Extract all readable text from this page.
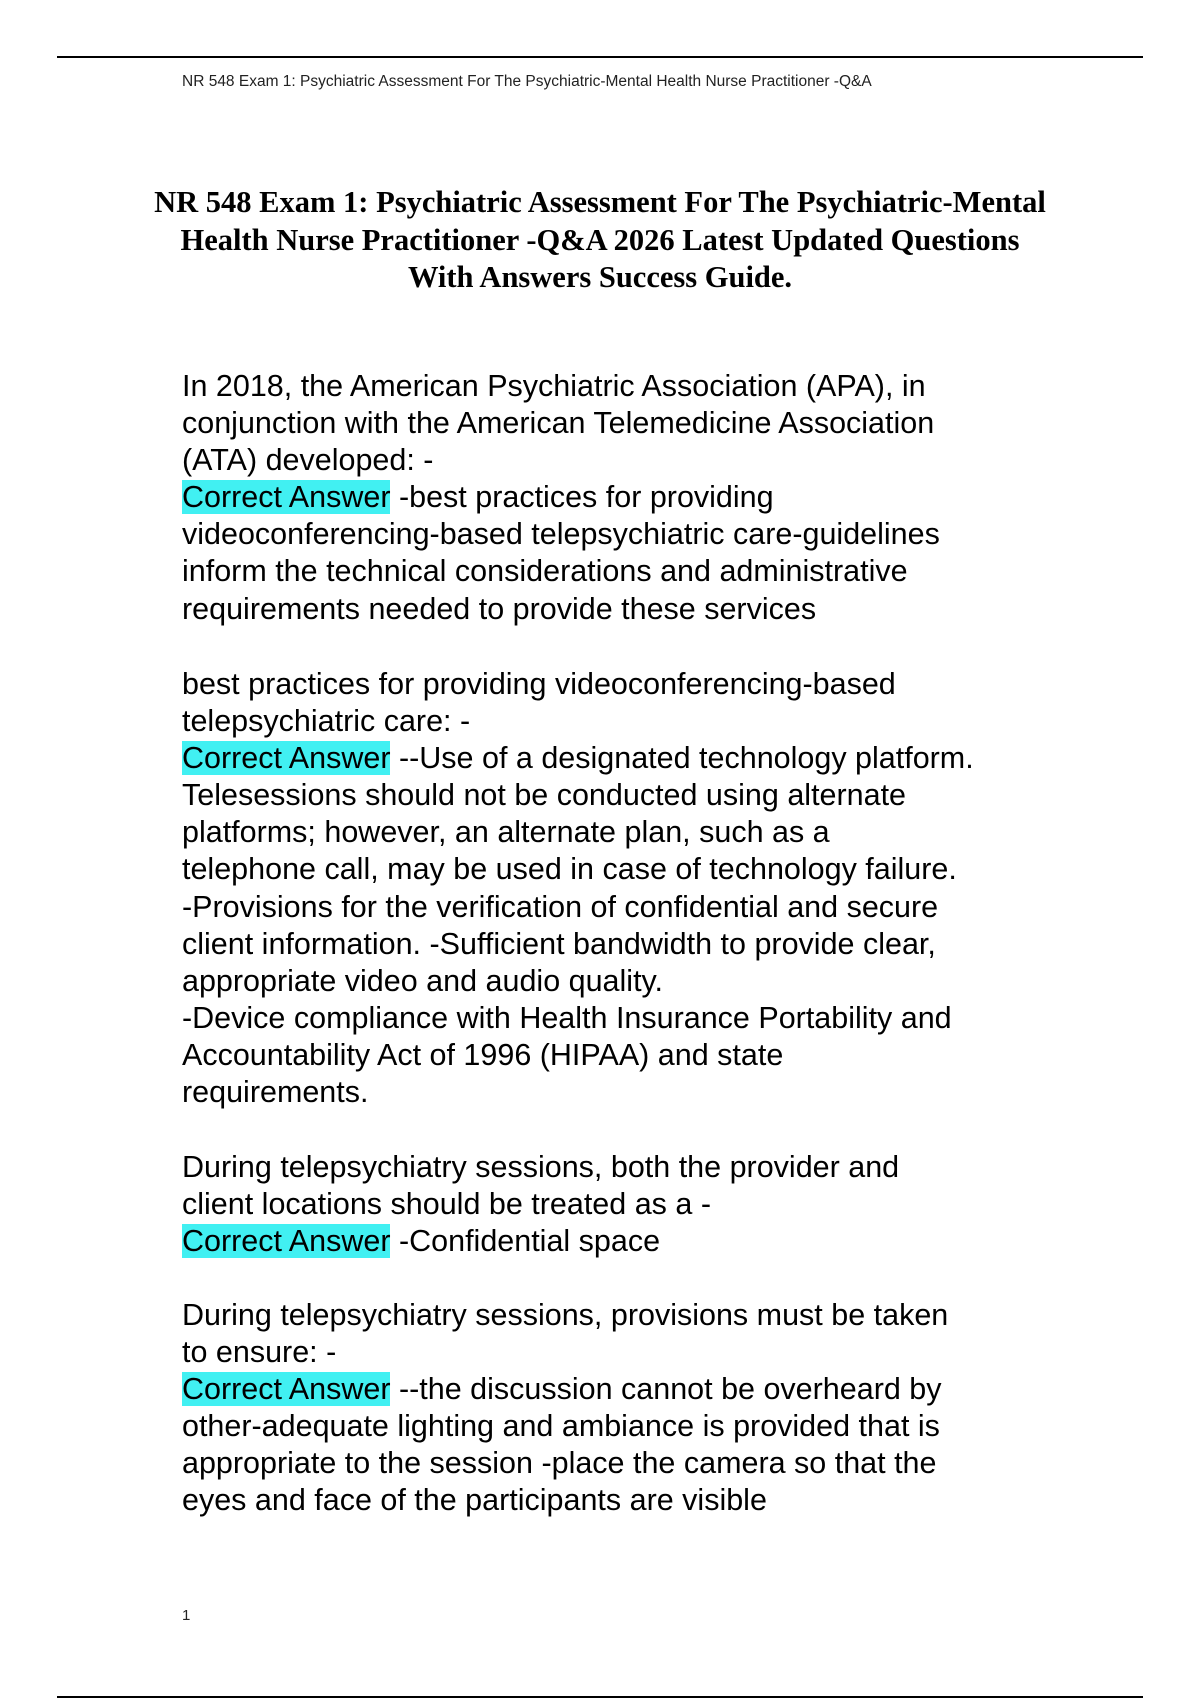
NR 548 Exam 1: Psychiatric Assessment For The Psychiatric-Mental Health Nurse Practitioner -Q&A
NR 548 Exam 1: Psychiatric Assessment For The Psychiatric-Mental Health Nurse Practitioner -Q&A 2026 Latest Updated Questions With Answers Success Guide.
In 2018, the American Psychiatric Association (APA), in
conjunction with the American Telemedicine Association
(ATA) developed: -
Correct Answer -best practices for providing
videoconferencing-based telepsychiatric care-guidelines
inform the technical considerations and administrative
requirements needed to provide these services
best practices for providing videoconferencing-based
telepsychiatric care: -
Correct Answer --Use of a designated technology platform.
Telesessions should not be conducted using alternate
platforms; however, an alternate plan, such as a
telephone call, may be used in case of technology failure.
-Provisions for the verification of confidential and secure
client information. -Sufficient bandwidth to provide clear,
appropriate video and audio quality.
-Device compliance with Health Insurance Portability and
Accountability Act of 1996 (HIPAA) and state
requirements.
During telepsychiatry sessions, both the provider and
client locations should be treated as a -
Correct Answer -Confidential space
During telepsychiatry sessions, provisions must be taken
to ensure: -
Correct Answer --the discussion cannot be overheard by
other-adequate lighting and ambiance is provided that is
appropriate to the session -place the camera so that the
eyes and face of the participants are visible
1
